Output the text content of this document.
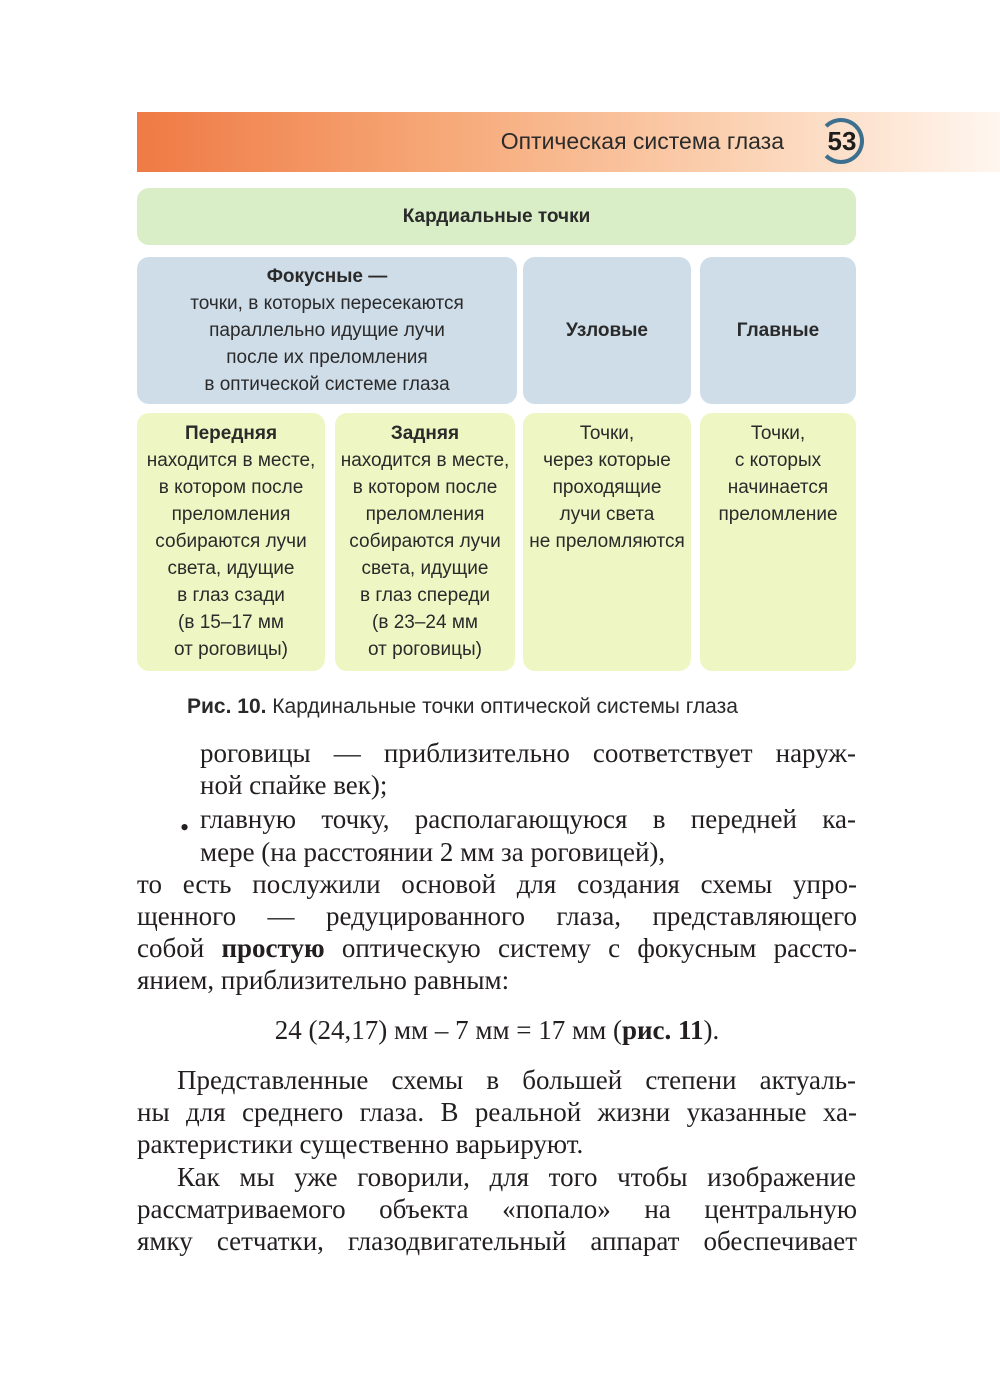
Оптическая система глаза 53
Кардиальные точки
Фокусные —
точки, в которых пересекаются
параллельно идущие лучи
после их преломления
в оптической системе глаза
Узловые	Главные
Передняя
находится в месте,
в котором после
преломления
собираются лучи
света, идущие
в глаз сзади
(в 15–17 мм
от роговицы)
Задняя
находится в месте,
в котором после
преломления
собираются лучи
света, идущие
в глаз спереди
(в 23–24 мм
от роговицы)
Точки,
через которые
проходящие
лучи света
не преломляются
Точки,
с которых
начинается
преломление
Рис. 10. Кардинальные точки оптической системы глаза
роговицы — приблизительно соответствует наруж-
ной спайке век);
• главную точку, располагающуюся в передней ка-
мере (на расстоянии 2 мм за роговицей),
то есть послужили основой для создания схемы упро-
щенного — редуцированного глаза, представляющего
собой простую оптическую систему с фокусным рассто-
янием, приблизительно равным:
24 (24,17) мм – 7 мм = 17 мм (рис. 11).
Представленные схемы в большей степени актуаль-
ны для среднего глаза. В реальной жизни указанные ха-
рактеристики существенно варьируют.
Как мы уже говорили, для того чтобы изображение
рассматриваемого объекта «попало» на центральную
ямку сетчатки, глазодвигательный аппарат обеспечивает
